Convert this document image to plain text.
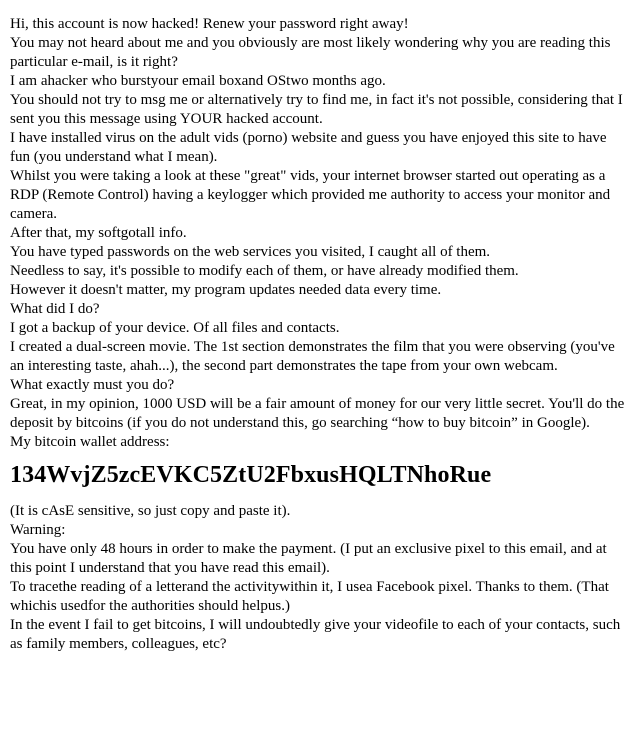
Hi, this account is now hacked! Renew your password right away!

You may not heard about me and you obviously are most likely wondering why you are reading this particular e-mail, is it right?

I am ahacker who burstyour email boxand OStwo months ago.

You should not try to msg me or alternatively try to find me, in fact it's not possible, considering that I sent you this message using YOUR hacked account.

I have installed virus on the adult vids (porno) website and guess you have enjoyed this site to have fun (you understand what I mean).

Whilst you were taking a look at these "great" vids, your internet browser started out operating as a RDP (Remote Control) having a keylogger which provided me authority to access your monitor and camera.

After that, my softgotall info.

You have typed passwords on the web services you visited, I caught all of them.

Needless to say, it's possible to modify each of them, or have already modified them.

However it doesn't matter, my program updates needed data every time.

What did I do?

I got a backup of your device. Of all files and contacts.

I created a dual-screen movie. The 1st section demonstrates the film that you were observing (you've an interesting taste, ahah...), the second part demonstrates the tape from your own webcam.

What exactly must you do?

Great, in my opinion, 1000 USD will be a fair amount of money for our very little secret. You'll do the deposit by bitcoins (if you do not understand this, go searching “how to buy bitcoin” in Google).

My bitcoin wallet address:

134WvjZ5zcEVKC5ZtU2FbxusHQLTNhoRue

(It is cAsE sensitive, so just copy and paste it).

Warning:

You have only 48 hours in order to make the payment. (I put an exclusive pixel to this email, and at this point I understand that you have read this email).

To tracethe reading of a letterand the activitywithin it, I usea Facebook pixel. Thanks to them. (That whichis usedfor the authorities should helpus.)

In the event I fail to get bitcoins, I will undoubtedly give your videofile to each of your contacts, such as family members, colleagues, etc?
